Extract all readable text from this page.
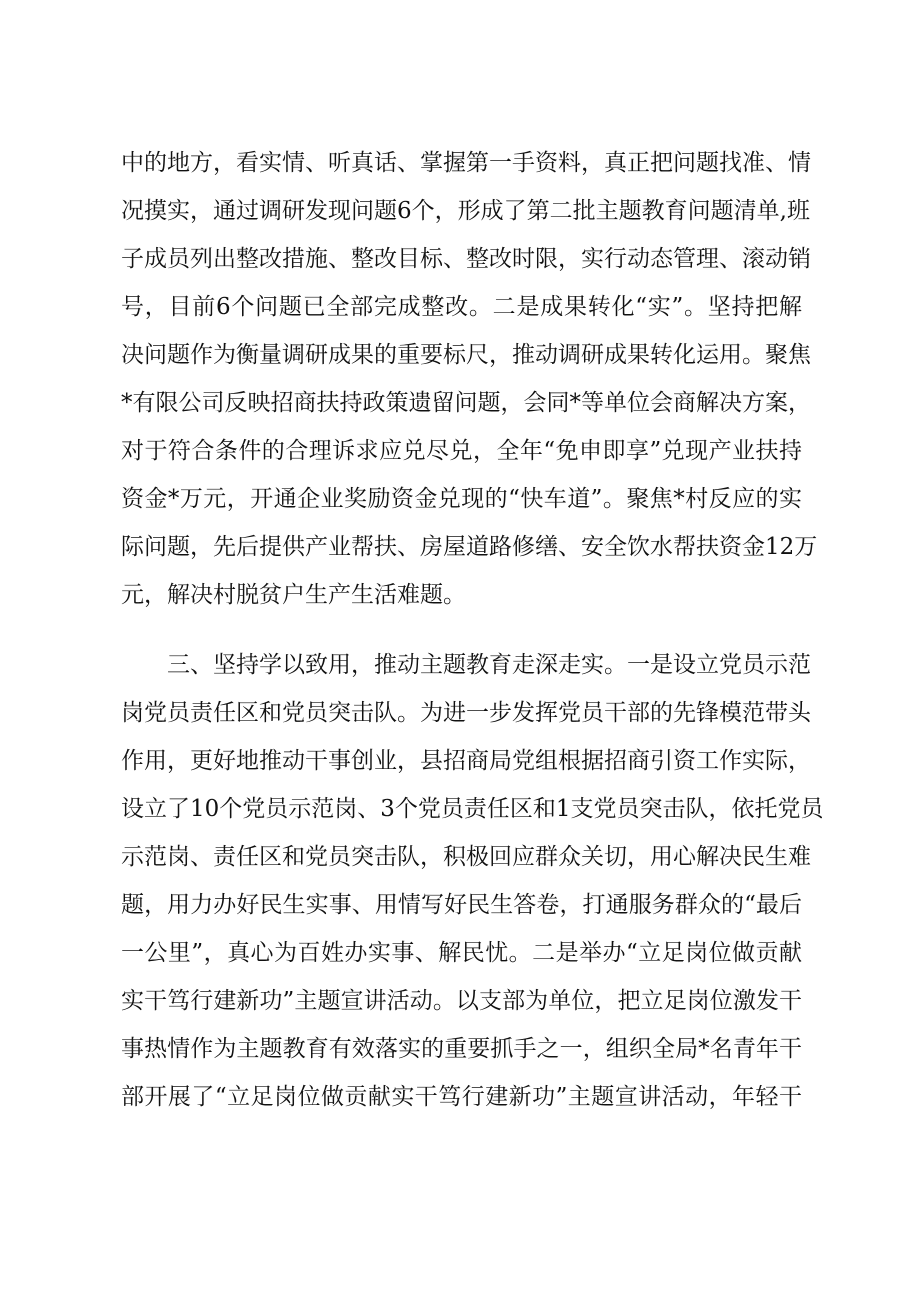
中的地方，看实情、听真话、掌握第一手资料，真正把问题找准、情
况摸实，通过调研发现问题6个，形成了第二批主题教育问题清单,班
子成员列出整改措施、整改目标、整改时限，实行动态管理、滚动销
号，目前6个问题已全部完成整改。二是成果转化“实”。坚持把解
决问题作为衡量调研成果的重要标尺，推动调研成果转化运用。聚焦
*有限公司反映招商扶持政策遗留问题，会同*等单位会商解决方案，
对于符合条件的合理诉求应兑尽兑，全年“免申即享”兑现产业扶持
资金*万元，开通企业奖励资金兑现的“快车道”。聚焦*村反应的实
际问题，先后提供产业帮扶、房屋道路修缮、安全饮水帮扶资金12万
元，解决村脱贫户生产生活难题。
三、坚持学以致用，推动主题教育走深走实。一是设立党员示范
岗党员责任区和党员突击队。为进一步发挥党员干部的先锋模范带头
作用，更好地推动干事创业，县招商局党组根据招商引资工作实际，
设立了10个党员示范岗、3个党员责任区和1支党员突击队，依托党员
示范岗、责任区和党员突击队，积极回应群众关切，用心解决民生难
题，用力办好民生实事、用情写好民生答卷，打通服务群众的“最后
一公里”，真心为百姓办实事、解民忧。二是举办“立足岗位做贡献
实干笃行建新功”主题宣讲活动。以支部为单位，把立足岗位激发干
事热情作为主题教育有效落实的重要抓手之一，组织全局*名青年干
部开展了“立足岗位做贡献实干笃行建新功”主题宣讲活动，年轻干
